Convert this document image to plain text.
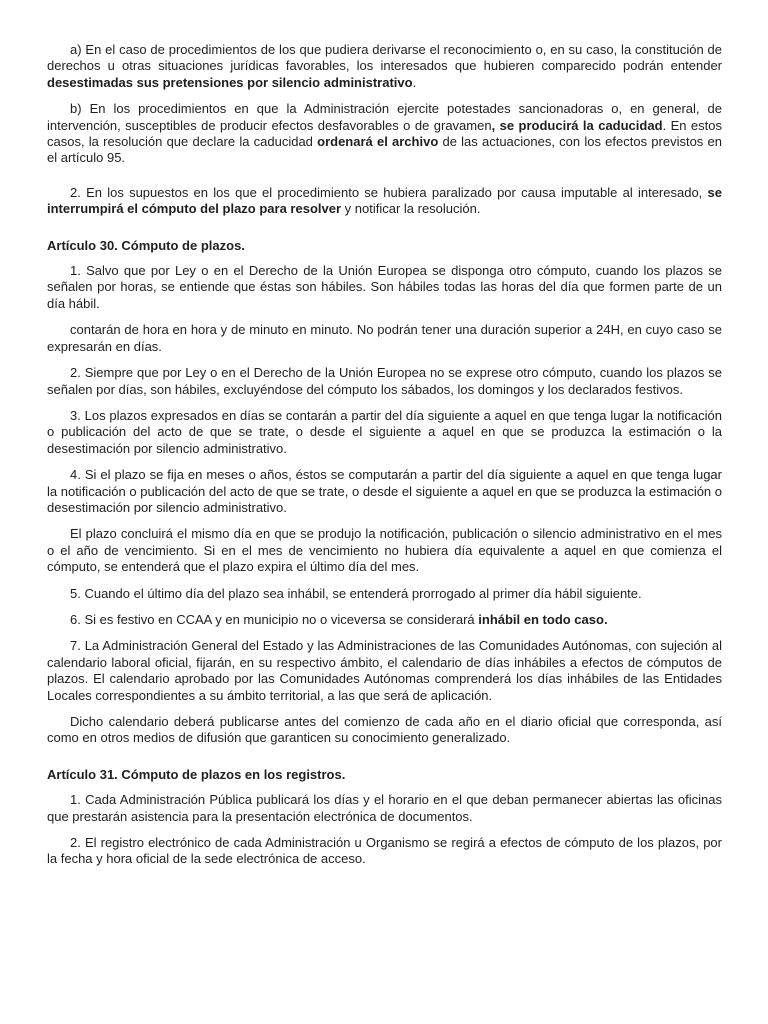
a) En el caso de procedimientos de los que pudiera derivarse el reconocimiento o, en su caso, la constitución de derechos u otras situaciones jurídicas favorables, los interesados que hubieren comparecido podrán entender desestimadas sus pretensiones por silencio administrativo.

b) En los procedimientos en que la Administración ejercite potestades sancionadoras o, en general, de intervención, susceptibles de producir efectos desfavorables o de gravamen, se producirá la caducidad. En estos casos, la resolución que declare la caducidad ordenará el archivo de las actuaciones, con los efectos previstos en el artículo 95.

2. En los supuestos en los que el procedimiento se hubiera paralizado por causa imputable al interesado, se interrumpirá el cómputo del plazo para resolver y notificar la resolución.

Artículo 30. Cómputo de plazos.

1. Salvo que por Ley o en el Derecho de la Unión Europea se disponga otro cómputo, cuando los plazos se señalen por horas, se entiende que éstas son hábiles. Son hábiles todas las horas del día que formen parte de un día hábil.

contarán de hora en hora y de minuto en minuto. No podrán tener una duración superior a 24H, en cuyo caso se expresarán en días.

2. Siempre que por Ley o en el Derecho de la Unión Europea no se exprese otro cómputo, cuando los plazos se señalen por días, son hábiles, excluyéndose del cómputo los sábados, los domingos y los declarados festivos.

3. Los plazos expresados en días se contarán a partir del día siguiente a aquel en que tenga lugar la notificación o publicación del acto de que se trate, o desde el siguiente a aquel en que se produzca la estimación o la desestimación por silencio administrativo.

4. Si el plazo se fija en meses o años, éstos se computarán a partir del día siguiente a aquel en que tenga lugar la notificación o publicación del acto de que se trate, o desde el siguiente a aquel en que se produzca la estimación o desestimación por silencio administrativo.

El plazo concluirá el mismo día en que se produjo la notificación, publicación o silencio administrativo en el mes o el año de vencimiento. Si en el mes de vencimiento no hubiera día equivalente a aquel en que comienza el cómputo, se entenderá que el plazo expira el último día del mes.

5. Cuando el último día del plazo sea inhábil, se entenderá prorrogado al primer día hábil siguiente.

6. Si es festivo en CCAA y en municipio no o viceversa se considerará inhábil en todo caso.

7. La Administración General del Estado y las Administraciones de las Comunidades Autónomas, con sujeción al calendario laboral oficial, fijarán, en su respectivo ámbito, el calendario de días inhábiles a efectos de cómputos de plazos. El calendario aprobado por las Comunidades Autónomas comprenderá los días inhábiles de las Entidades Locales correspondientes a su ámbito territorial, a las que será de aplicación.

Dicho calendario deberá publicarse antes del comienzo de cada año en el diario oficial que corresponda, así como en otros medios de difusión que garanticen su conocimiento generalizado.

Artículo 31. Cómputo de plazos en los registros.

1. Cada Administración Pública publicará los días y el horario en el que deban permanecer abiertas las oficinas que prestarán asistencia para la presentación electrónica de documentos.

2. El registro electrónico de cada Administración u Organismo se regirá a efectos de cómputo de los plazos, por la fecha y hora oficial de la sede electrónica de acceso.
